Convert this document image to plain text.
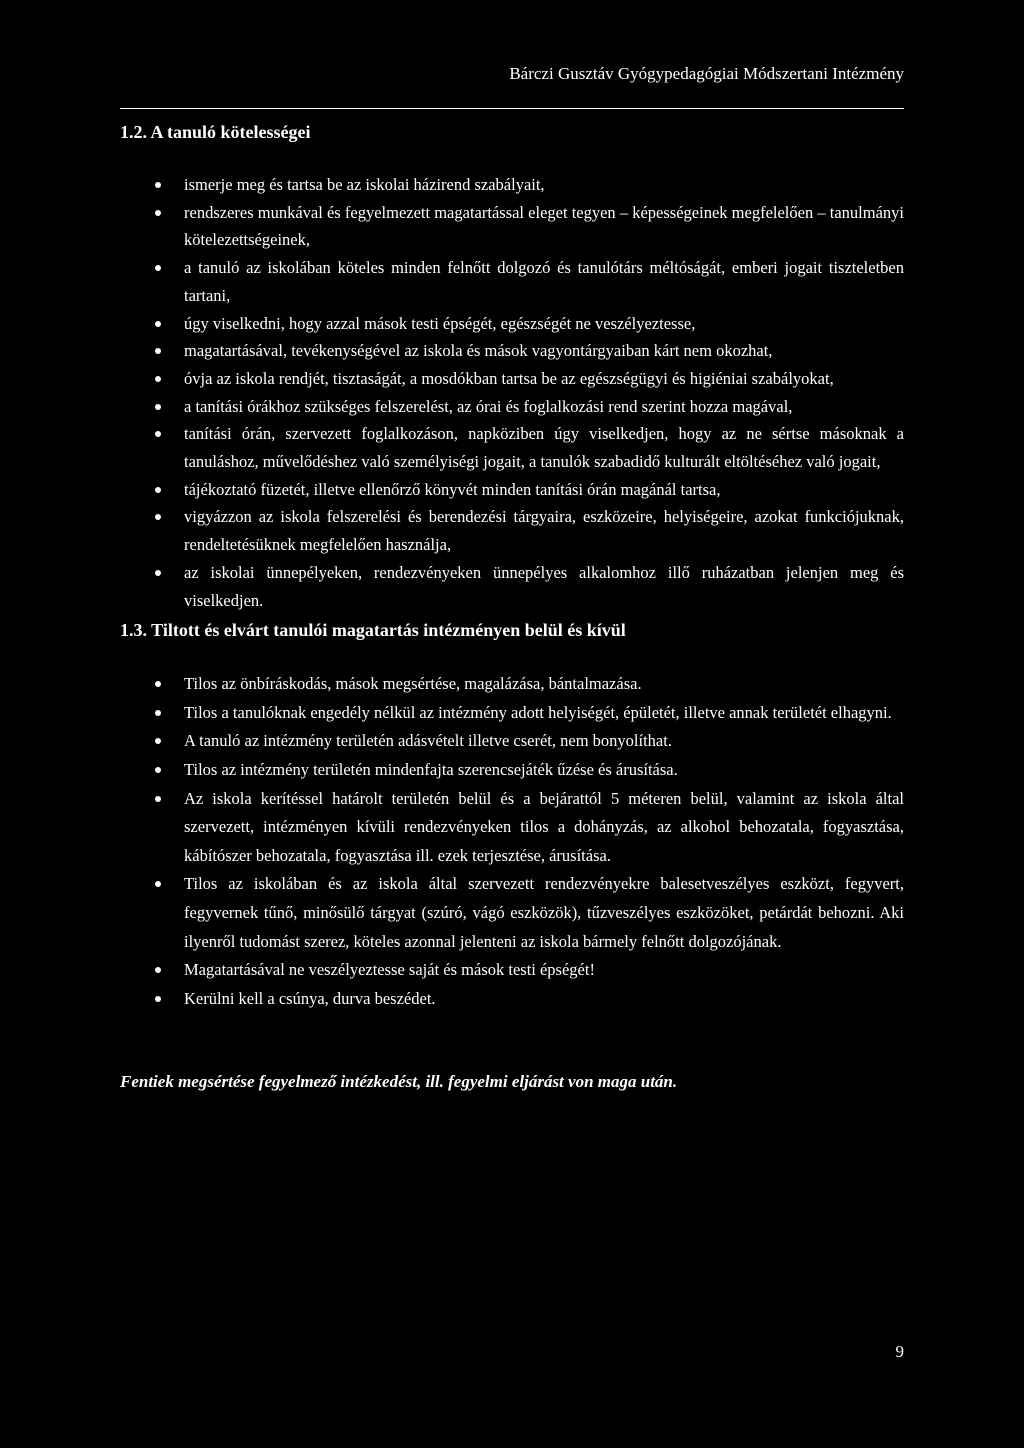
Bárczi Gusztáv Gyógypedagógiai Módszertani Intézmény
1.2. A tanuló kötelességei
ismerje meg és tartsa be az iskolai házirend szabályait,
rendszeres munkával és fegyelmezett magatartással eleget tegyen – képességeinek megfelelően – tanulmányi kötelezettségeinek,
a tanuló az iskolában köteles minden felnőtt dolgozó és tanulótárs méltóságát, emberi jogait tiszteletben tartani,
úgy viselkedni, hogy azzal mások testi épségét, egészségét ne veszélyeztesse,
magatartásával, tevékenységével az iskola és mások vagyontárgyaiban kárt nem okozhat,
óvja az iskola rendjét, tisztaságát, a mosdókban tartsa be az egészségügyi és higiéniai szabályokat,
a tanítási órákhoz szükséges felszerelést, az órai és foglalkozási rend szerint hozza magával,
tanítási órán, szervezett foglalkozáson, napköziben úgy viselkedjen, hogy az ne sértse másoknak a tanuláshoz, művelődéshez való személyiségi jogait, a tanulók szabadidő kulturált eltöltéséhez való jogait,
tájékoztató füzetét, illetve ellenőrző könyvét minden tanítási órán magánál tartsa,
vigyázzon az iskola felszerelési és berendezési tárgyaira, eszközeire, helyiségeire, azokat funkciójuknak, rendeltetésüknek megfelelően használja,
az iskolai ünnepélyeken, rendezvényeken ünnepélyes alkalomhoz illő ruházatban jelenjen meg és viselkedjen.
1.3. Tiltott és elvárt tanulói magatartás intézményen belül és kívül
Tilos az önbíráskodás, mások megsértése, magalázása, bántalmazása.
Tilos a tanulóknak engedély nélkül az intézmény adott helyiségét, épületét, illetve annak területét elhagyni.
A tanuló az intézmény területén adásvételt illetve cserét, nem bonyolíthat.
Tilos az intézmény területén mindenfajta szerencsejáték űzése és árusítása.
Az iskola kerítéssel határolt területén belül és a bejárattól 5 méteren belül, valamint az iskola által szervezett, intézményen kívüli rendezvényeken tilos a dohányzás, az alkohol behozatala, fogyasztása, kábítószer behozatala, fogyasztása ill. ezek terjesztése, árusítása.
Tilos az iskolában és az iskola által szervezett rendezvényekre balesetveszélyes eszközt, fegyvert, fegyvernek tűnő, minősülő tárgyat (szúró, vágó eszközök), tűzveszélyes eszközöket, petárdát behozni. Aki ilyenről tudomást szerez, köteles azonnal jelenteni az iskola bármely felnőtt dolgozójának.
Magatartásával ne veszélyeztesse saját és mások testi épségét!
Kerülni kell a csúnya, durva beszédet.

Fentiek megsértése fegyelmező intézkedést, ill. fegyelmi eljárást von maga után.

9
